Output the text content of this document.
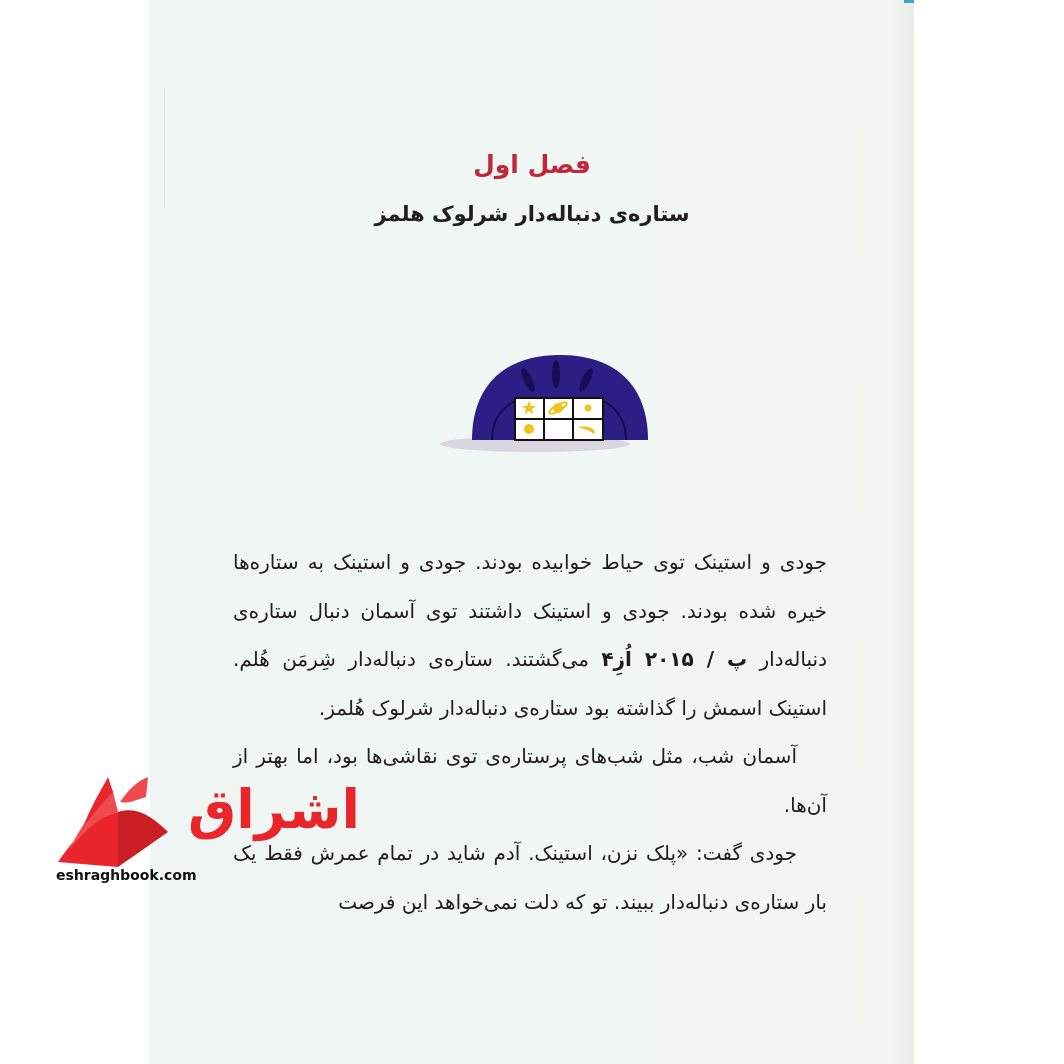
فصل اول
ستاره‌ی دنباله‌دار شرلوک هلمز

جودی و استینک توی حیاط خوابیده بودند. جودی و استینک به ستاره‌ها خیره شده بودند. جودی و استینک داشتند توی آسمان دنبال ستاره‌ی دنباله‌دار پ / ۲۰۱۵ اُزِ۴ می‌گشتند. ستاره‌ی دنباله‌دار شِرمَن هُلم. استینک اسمش را گذاشته بود ستاره‌ی دنباله‌دار شرلوک هُلمز.

آسمان شب، مثل شب‌های پرستاره‌ی توی نقاشی‌ها بود، اما بهتر از آن‌ها.

جودی گفت: «پلک نزن، استینک. آدم شاید در تمام عمرش فقط یک بار ستاره‌ی دنباله‌دار ببیند. تو که دلت نمی‌خواهد این فرصت

اشراق
eshraghbook.com
